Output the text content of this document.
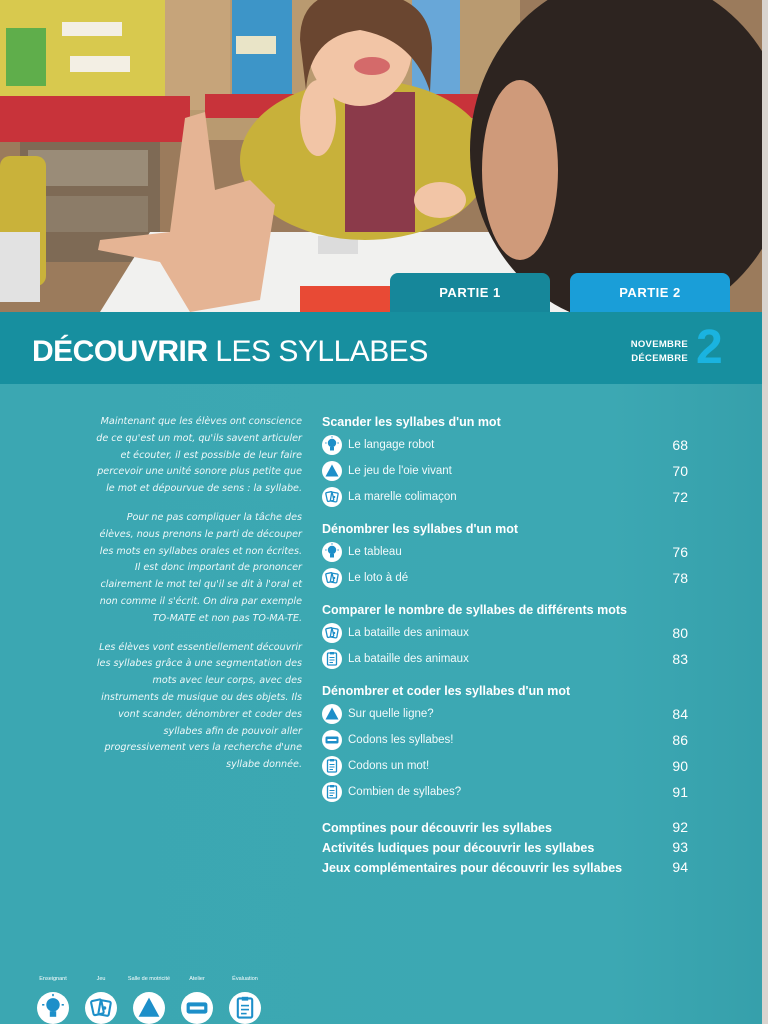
PARTIE 1	PARTIE 2
DÉCOUVRIR LES SYLLABES	NOVEMBRE
DÉCEMBRE 2

Maintenant que les élèves ont conscience de ce qu'est un mot, qu'ils savent articuler et écouter, il est possible de leur faire percevoir une unité sonore plus petite que le mot et dépourvue de sens : la syllabe.

Pour ne pas compliquer la tâche des élèves, nous prenons le parti de découper les mots en syllabes orales et non écrites. Il est donc important de prononcer clairement le mot tel qu'il se dit à l'oral et non comme il s'écrit. On dira par exemple TO-MATE et non pas TO-MA-TE.

Les élèves vont essentiellement découvrir les syllabes grâce à une segmentation des mots avec leur corps, avec des instruments de musique ou des objets. Ils vont scander, dénombrer et coder des syllabes afin de pouvoir aller progressivement vers la recherche d'une syllabe donnée.

Scander les syllabes d'un mot
Le langage robot	68
Le jeu de l'oie vivant	70
La marelle colimaçon	72
Dénombrer les syllabes d'un mot
Le tableau	76
Le loto à dé	78
Comparer le nombre de syllabes de différents mots
La bataille des animaux	80
La bataille des animaux	83
Dénombrer et coder les syllabes d'un mot
Sur quelle ligne?	84
Codons les syllabes!	86
Codons un mot!	90
Combien de syllabes?	91
Comptines pour découvrir les syllabes	92
Activités ludiques pour découvrir les syllabes	93
Jeux complémentaires pour découvrir les syllabes	94
Enseignant	Jeu	Salle de motricité	Atelier	Évaluation
